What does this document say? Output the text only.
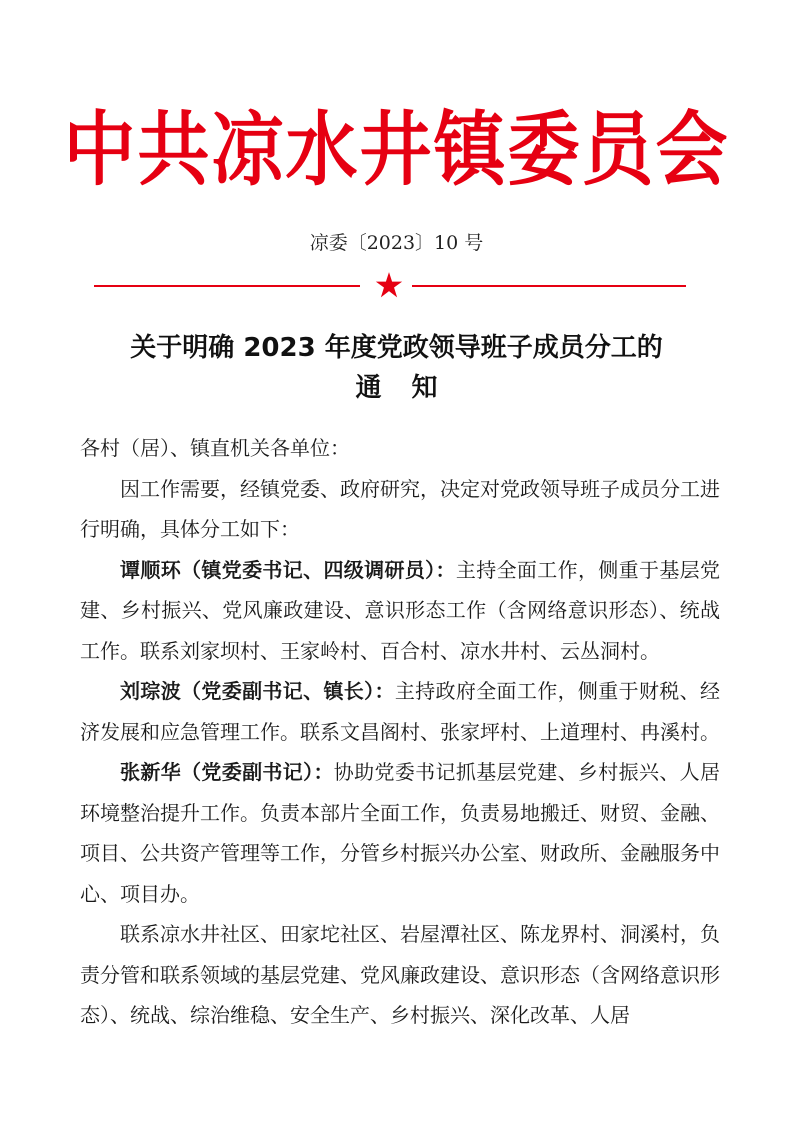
中共凉水井镇委员会
凉委〔2023〕10 号
关于明确 2023 年度党政领导班子成员分工的
通知

各村（居）、镇直机关各单位：

因工作需要，经镇党委、政府研究，决定对党政领导班子成员分工进行明确，具体分工如下：

谭顺环（镇党委书记、四级调研员）：主持全面工作，侧重于基层党建、乡村振兴、党风廉政建设、意识形态工作（含网络意识形态）、统战工作。联系刘家坝村、王家岭村、百合村、凉水井村、云丛洞村。

刘琮波（党委副书记、镇长）：主持政府全面工作，侧重于财税、经济发展和应急管理工作。联系文昌阁村、张家坪村、上道理村、冉溪村。

张新华（党委副书记）：协助党委书记抓基层党建、乡村振兴、人居环境整治提升工作。负责本部片全面工作，负责易地搬迁、财贸、金融、项目、公共资产管理等工作，分管乡村振兴办公室、财政所、金融服务中心、项目办。

联系凉水井社区、田家坨社区、岩屋潭社区、陈龙界村、洞溪村，负责分管和联系领域的基层党建、党风廉政建设、意识形态（含网络意识形态）、统战、综治维稳、安全生产、乡村振兴、深化改革、人居
